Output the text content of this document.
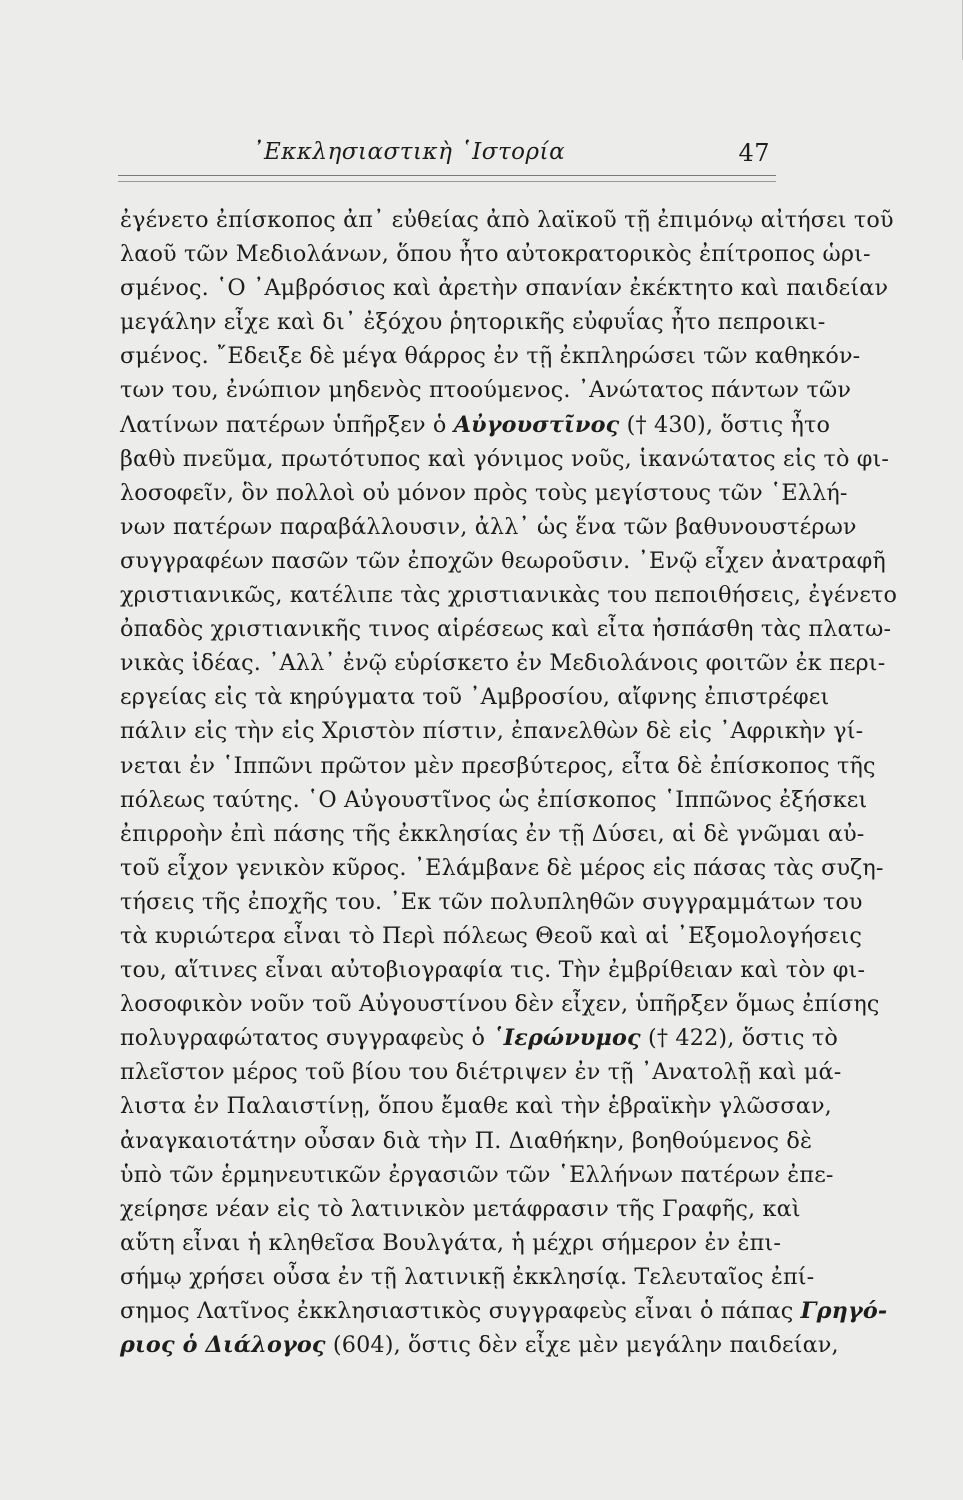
᾿Εκκλησιαστικὴ ῾Ιστορία	47
ἐγένετο ἐπίσκοπος ἀπ᾿ εὐθείας ἀπὸ λαϊκοῦ τῇ ἐπιμόνῳ αἰτήσει τοῦ
λαοῦ τῶν Μεδιολάνων, ὅπου ἦτο αὐτοκρατορικὸς ἐπίτροπος ὡρι-
σμένος. ῾Ο ᾿Αμβρόσιος καὶ ἀρετὴν σπανίαν ἐκέκτητο καὶ παιδείαν
μεγάλην εἶχε καὶ δι᾿ ἐξόχου ῥητορικῆς εὐφυΐας ἦτο πεπροικι-
σμένος. ῎Εδειξε δὲ μέγα θάρρος ἐν τῇ ἐκπληρώσει τῶν καθηκόν-
των του, ἐνώπιον μηδενὸς πτοούμενος. ᾿Ανώτατος πάντων τῶν
Λατίνων πατέρων ὑπῆρξεν ὁ Αὐγουστῖνος († 430), ὅστις ἦτο
βαθὺ πνεῦμα, πρωτότυπος καὶ γόνιμος νοῦς, ἱκανώτατος εἰς τὸ φι-
λοσοφεῖν, ὃν πολλοὶ οὐ μόνον πρὸς τοὺς μεγίστους τῶν ῾Ελλή-
νων πατέρων παραβάλλουσιν, ἀλλ᾿ ὡς ἕνα τῶν βαθυνουστέρων
συγγραφέων πασῶν τῶν ἐποχῶν θεωροῦσιν. ᾿Ενῷ εἶχεν ἀνατραφῆ
χριστιανικῶς, κατέλιπε τὰς χριστιανικὰς του πεποιθήσεις, ἐγένετο
ὀπαδὸς χριστιανικῆς τινος αἱρέσεως καὶ εἶτα ἠσπάσθη τὰς πλατω-
νικὰς ἰδέας. ᾿Αλλ᾿ ἐνῷ εὑρίσκετο ἐν Μεδιολάνοις φοιτῶν ἐκ περι-
εργείας εἰς τὰ κηρύγματα τοῦ ᾿Αμβροσίου, αἴφνης ἐπιστρέφει
πάλιν εἰς τὴν εἰς Χριστὸν πίστιν, ἐπανελθὼν δὲ εἰς ᾿Αφρικὴν γί-
νεται ἐν ῾Ιππῶνι πρῶτον μὲν πρεσβύτερος, εἶτα δὲ ἐπίσκοπος τῆς
πόλεως ταύτης. ῾Ο Αὐγουστῖνος ὡς ἐπίσκοπος ῾Ιππῶνος ἐξήσκει
ἐπιρροὴν ἐπὶ πάσης τῆς ἐκκλησίας ἐν τῇ Δύσει, αἱ δὲ γνῶμαι αὐ-
τοῦ εἶχον γενικὸν κῦρος. ᾿Ελάμβανε δὲ μέρος εἰς πάσας τὰς συζη-
τήσεις τῆς ἐποχῆς του. ᾿Εκ τῶν πολυπληθῶν συγγραμμάτων του
τὰ κυριώτερα εἶναι τὸ Περὶ πόλεως Θεοῦ καὶ αἱ ᾿Εξομολογήσεις
του, αἵτινες εἶναι αὐτοβιογραφία τις. Τὴν ἐμβρίθειαν καὶ τὸν φι-
λοσοφικὸν νοῦν τοῦ Αὐγουστίνου δὲν εἶχεν, ὑπῆρξεν ὅμως ἐπίσης
πολυγραφώτατος συγγραφεὺς ὁ ῾Ιερώνυμος († 422), ὅστις τὸ
πλεῖστον μέρος τοῦ βίου του διέτριψεν ἐν τῇ ᾿Ανατολῇ καὶ μά-
λιστα ἐν Παλαιστίνῃ, ὅπου ἔμαθε καὶ τὴν ἑβραϊκὴν γλῶσσαν,
ἀναγκαιοτάτην οὖσαν διὰ τὴν Π. Διαθήκην, βοηθούμενος δὲ
ὑπὸ τῶν ἑρμηνευτικῶν ἐργασιῶν τῶν ῾Ελλήνων πατέρων ἐπε-
χείρησε νέαν εἰς τὸ λατινικὸν μετάφρασιν τῆς Γραφῆς, καὶ
αὕτη εἶναι ἡ κληθεῖσα Βουλγάτα, ἡ μέχρι σήμερον ἐν ἐπι-
σήμῳ χρήσει οὖσα ἐν τῇ λατινικῇ ἐκκλησίᾳ. Τελευταῖος ἐπί-
σημος Λατῖνος ἐκκλησιαστικὸς συγγραφεὺς εἶναι ὁ πάπας Γρηγό-
ριος ὁ Διάλογος (604), ὅστις δὲν εἶχε μὲν μεγάλην παιδείαν,
